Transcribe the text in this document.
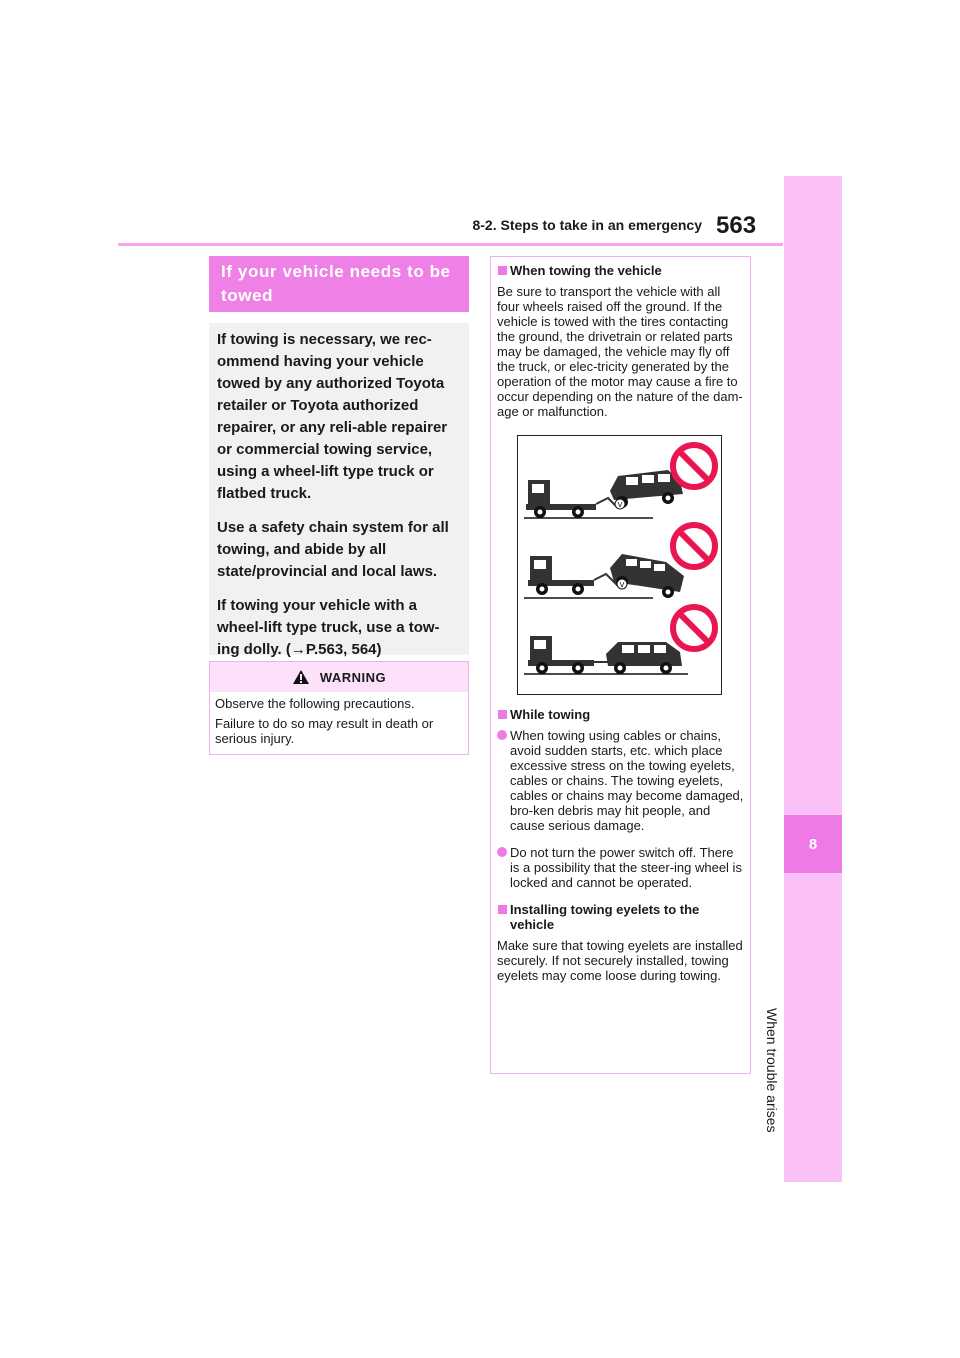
8-2. Steps to take in an emergency 563
8
When trouble arises
If your vehicle needs to be towed

If towing is necessary, we rec-ommend having your vehicle towed by any authorized Toyota retailer or Toyota authorized repairer, or any reli-able repairer or commercial towing service, using a wheel-lift type truck or flatbed truck.

Use a safety chain system for all towing, and abide by all state/provincial and local laws.

If towing your vehicle with a wheel-lift type truck, use a tow-ing dolly. (→P.563, 564)

WARNING

Observe the following precautions.

Failure to do so may result in death or serious injury.

When towing the vehicle

Be sure to transport the vehicle with all four wheels raised off the ground. If the vehicle is towed with the tires contacting the ground, the drivetrain or related parts may be damaged, the vehicle may fly off the truck, or elec-tricity generated by the operation of the motor may cause a fire to occur depending on the nature of the dam-age or malfunction.

V
V

While towing

When towing using cables or chains, avoid sudden starts, etc. which place excessive stress on the towing eyelets, cables or chains. The towing eyelets, cables or chains may become damaged, bro-ken debris may hit people, and cause serious damage.

Do not turn the power switch off. There is a possibility that the steer-ing wheel is locked and cannot be operated.

Installing towing eyelets to the vehicle

Make sure that towing eyelets are installed securely. If not securely installed, towing eyelets may come loose during towing.
